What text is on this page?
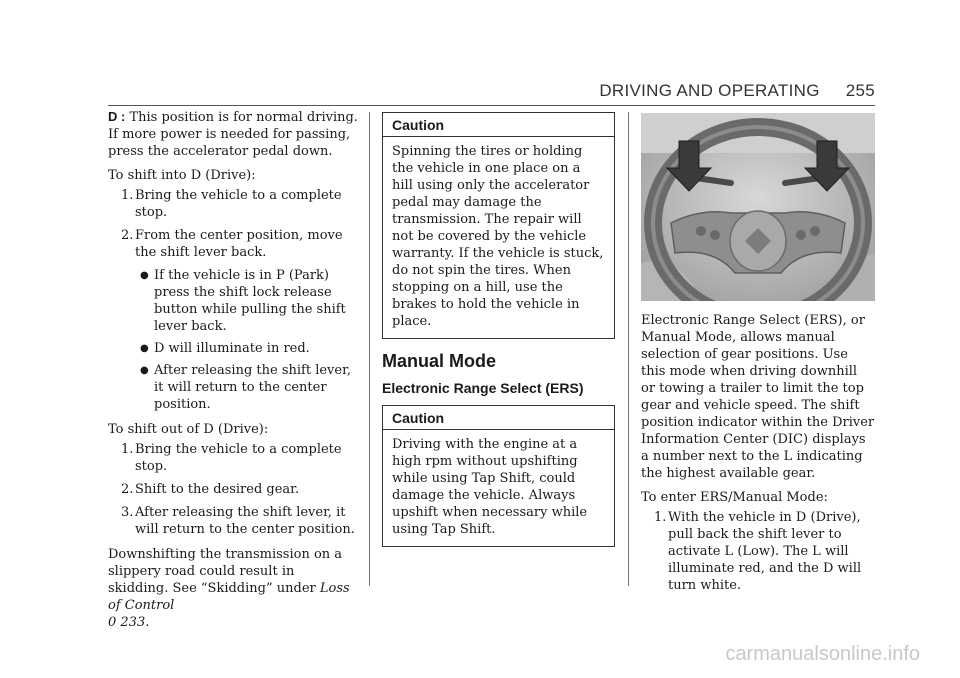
DRIVING AND OPERATING 255

D : This position is for normal driving. If more power is needed for passing, press the accelerator pedal down.

To shift into D (Drive):

1. Bring the vehicle to a complete stop.
2. From the center position, move the shift lever back.
● If the vehicle is in P (Park) press the shift lock release button while pulling the shift lever back.
● D will illuminate in red.
● After releasing the shift lever, it will return to the center position.

To shift out of D (Drive):

1. Bring the vehicle to a complete stop.
2. Shift to the desired gear.
3. After releasing the shift lever, it will return to the center position.

Downshifting the transmission on a slippery road could result in skidding. See “Skidding” under Loss of Control
0 233.

Caution
Spinning the tires or holding the vehicle in one place on a hill using only the accelerator pedal may damage the transmission. The repair will not be covered by the vehicle warranty. If the vehicle is stuck, do not spin the tires. When stopping on a hill, use the brakes to hold the vehicle in place.
Manual Mode
Electronic Range Select (ERS)
Caution
Driving with the engine at a high rpm without upshifting while using Tap Shift, could damage the vehicle. Always upshift when necessary while using Tap Shift.

Electronic Range Select (ERS), or Manual Mode, allows manual selection of gear positions. Use this mode when driving downhill or towing a trailer to limit the top gear and vehicle speed. The shift position indicator within the Driver Information Center (DIC) displays a number next to the L indicating the highest available gear.

To enter ERS/Manual Mode:

1. With the vehicle in D (Drive), pull back the shift lever to activate L (Low). The L will illuminate red, and the D will turn white.
carmanualsonline.info
